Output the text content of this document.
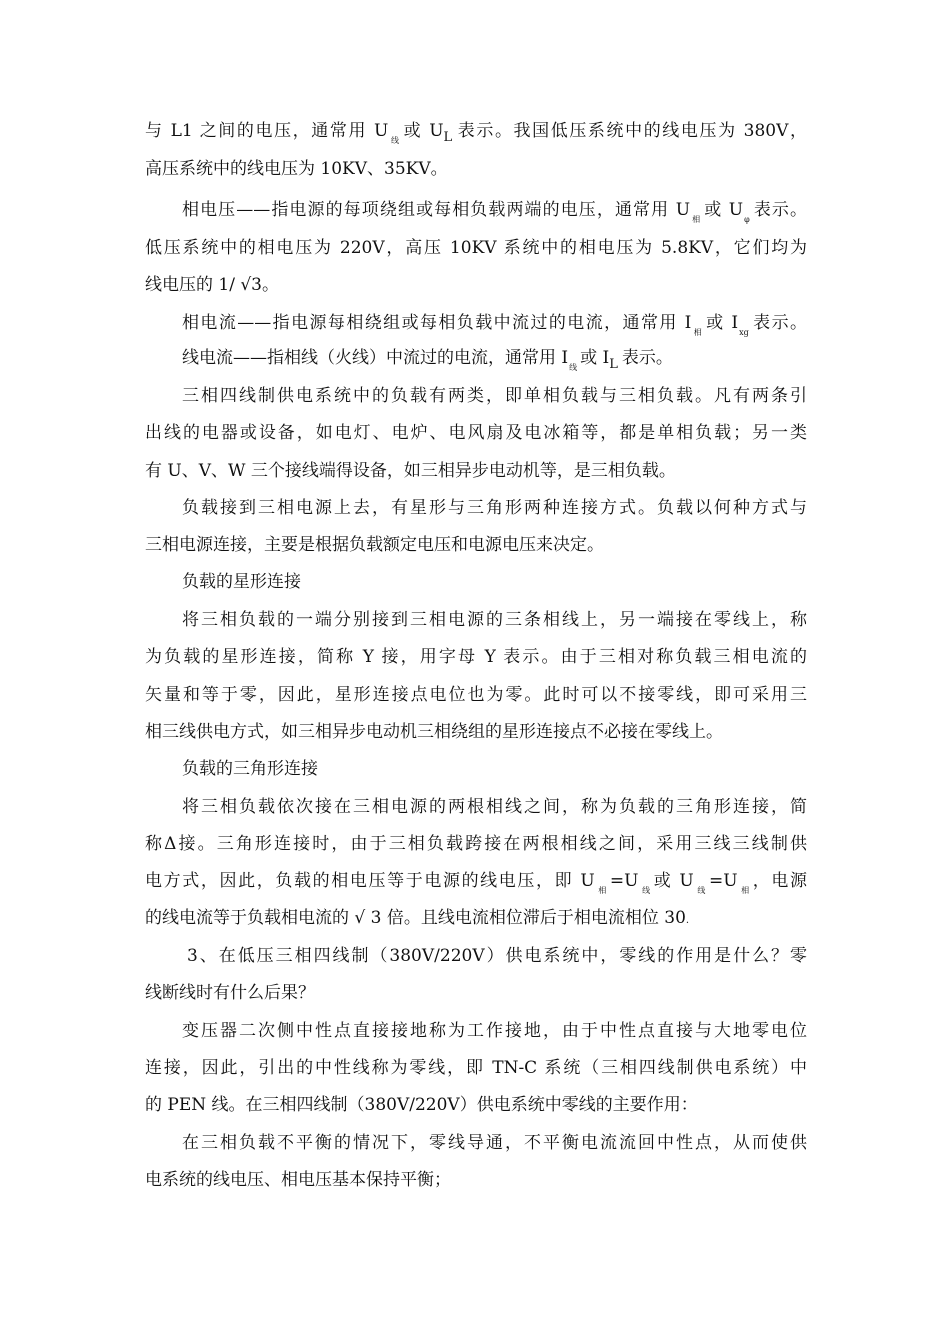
与 L1 之间的电压，通常用 $U_线$ 或 $U_L$ 表示。我国低压系统中的线电压为 380V，
高压系统中的线电压为 10KV、35KV。
相电压——指电源的每项绕组或每相负载两端的电压，通常用 $U_相$ 或 $U_\varphi$ 表示。
低压系统中的相电压为 220V，高压 10KV 系统中的相电压为 5.8KV，它们均为
线电压的 1/ √3。
相电流——指电源每相绕组或每相负载中流过的电流，通常用 $I_相$ 或 $I_{xg}$ 表示。
线电流——指相线（火线）中流过的电流，通常用 $I_线$ 或 $I_L$ 表示。
三相四线制供电系统中的负载有两类，即单相负载与三相负载。凡有两条引
出线的电器或设备，如电灯、电炉、电风扇及电冰箱等，都是单相负载；另一类
有 U、V、W 三个接线端得设备，如三相异步电动机等，是三相负载。
负载接到三相电源上去，有星形与三角形两种连接方式。负载以何种方式与
三相电源连接，主要是根据负载额定电压和电源电压来决定。
负载的星形连接
将三相负载的一端分别接到三相电源的三条相线上，另一端接在零线上，称
为负载的星形连接，简称 Y 接，用字母 Y 表示。由于三相对称负载三相电流的
矢量和等于零，因此，星形连接点电位也为零。此时可以不接零线，即可采用三
相三线供电方式，如三相异步电动机三相绕组的星形连接点不必接在零线上。
负载的三角形连接
将三相负载依次接在三相电源的两根相线之间，称为负载的三角形连接，简
称Δ接。三角形连接时，由于三相负载跨接在两根相线之间，采用三线三线制供
电方式，因此，负载的相电压等于电源的线电压，即 U $_相$ =U $_线$ 或 U $_线$ =U $_相$ ，电源
的线电流等于负载相电流的 √ 3 倍。且线电流相位滞后于相电流相位 30.
3、在低压三相四线制（380V/220V）供电系统中，零线的作用是什么？零
线断线时有什么后果？
变压器二次侧中性点直接接地称为工作接地，由于中性点直接与大地零电位
连接，因此，引出的中性线称为零线，即 TN-C 系统（三相四线制供电系统）中
的 PEN 线。在三相四线制（380V/220V）供电系统中零线的主要作用：
在三相负载不平衡的情况下，零线导通，不平衡电流流回中性点，从而使供
电系统的线电压、相电压基本保持平衡；
